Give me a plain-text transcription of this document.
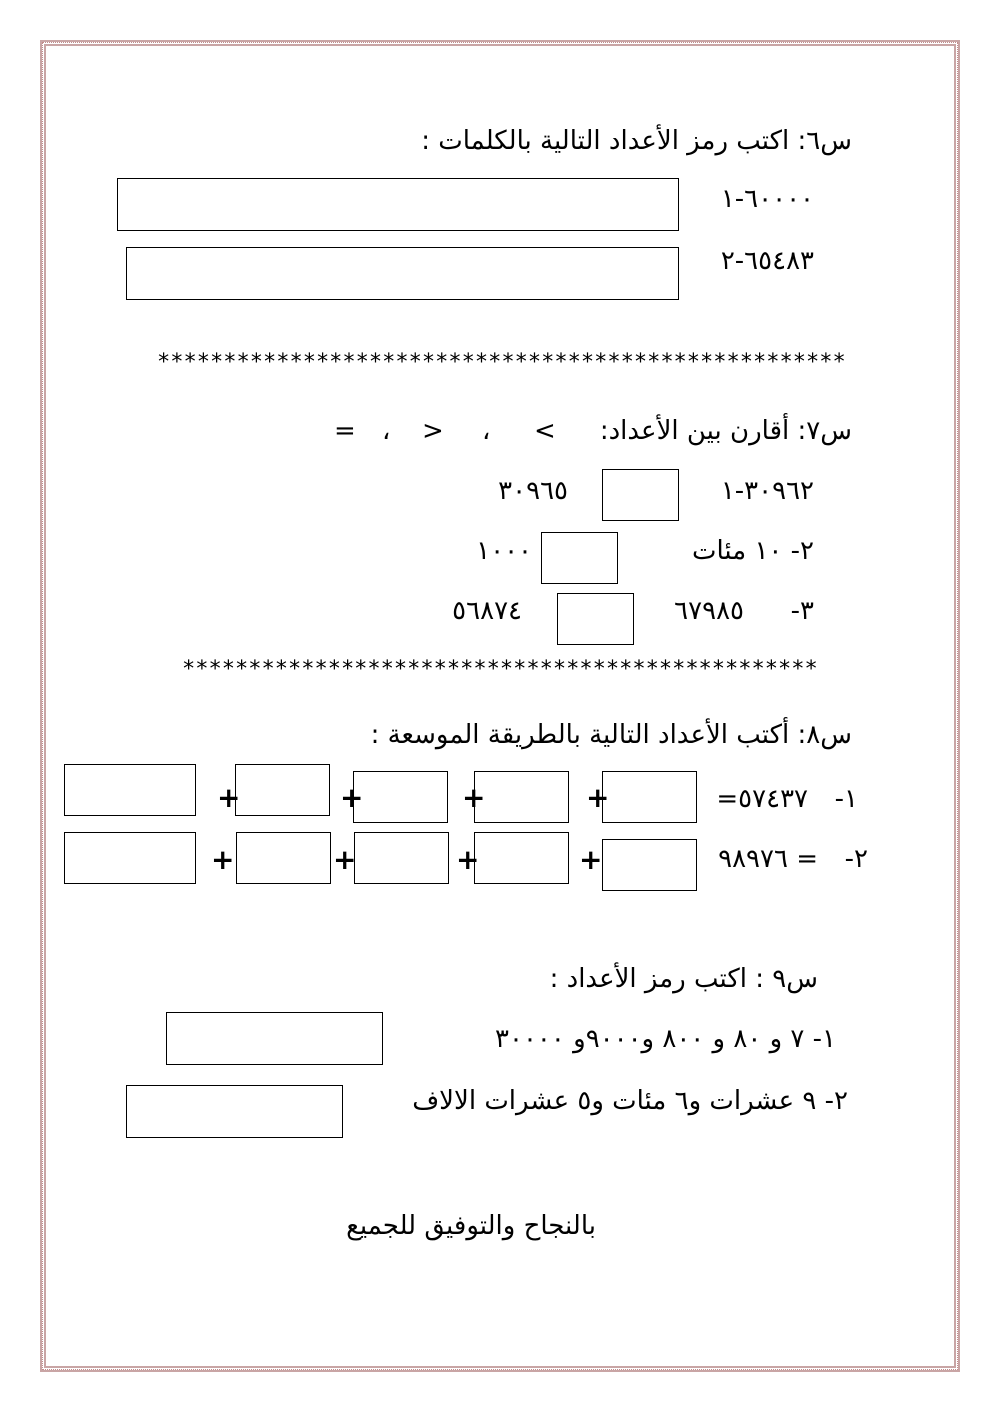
س٦: اكتب رمز الأعداد التالية بالكلمات :
٦٠٠٠٠-١
٦٥٤٨٣-٢
****************************************************
س٧: أقارن بين الأعداد:
= ، > ، <
٣٠٩٦٢-١
٣٠٩٦٥
٢- ١٠ مئات
١٠٠٠
٣-
٦٧٩٨٥
٥٦٨٧٤
************************************************
س٨: أكتب الأعداد التالية بالطريقة الموسعة :
١-
٥٧٤٣٧=
+
+
+
+
٢-
= ٩٨٩٧٦
+
+
+
+
س٩ : اكتب رمز الأعداد :
١- ٧ و ٨٠ و ٨٠٠ و٩٠٠٠و ٣٠٠٠٠
٢- ٩ عشرات و٦ مئات و٥ عشرات الالاف
بالنجاح والتوفيق للجميع
